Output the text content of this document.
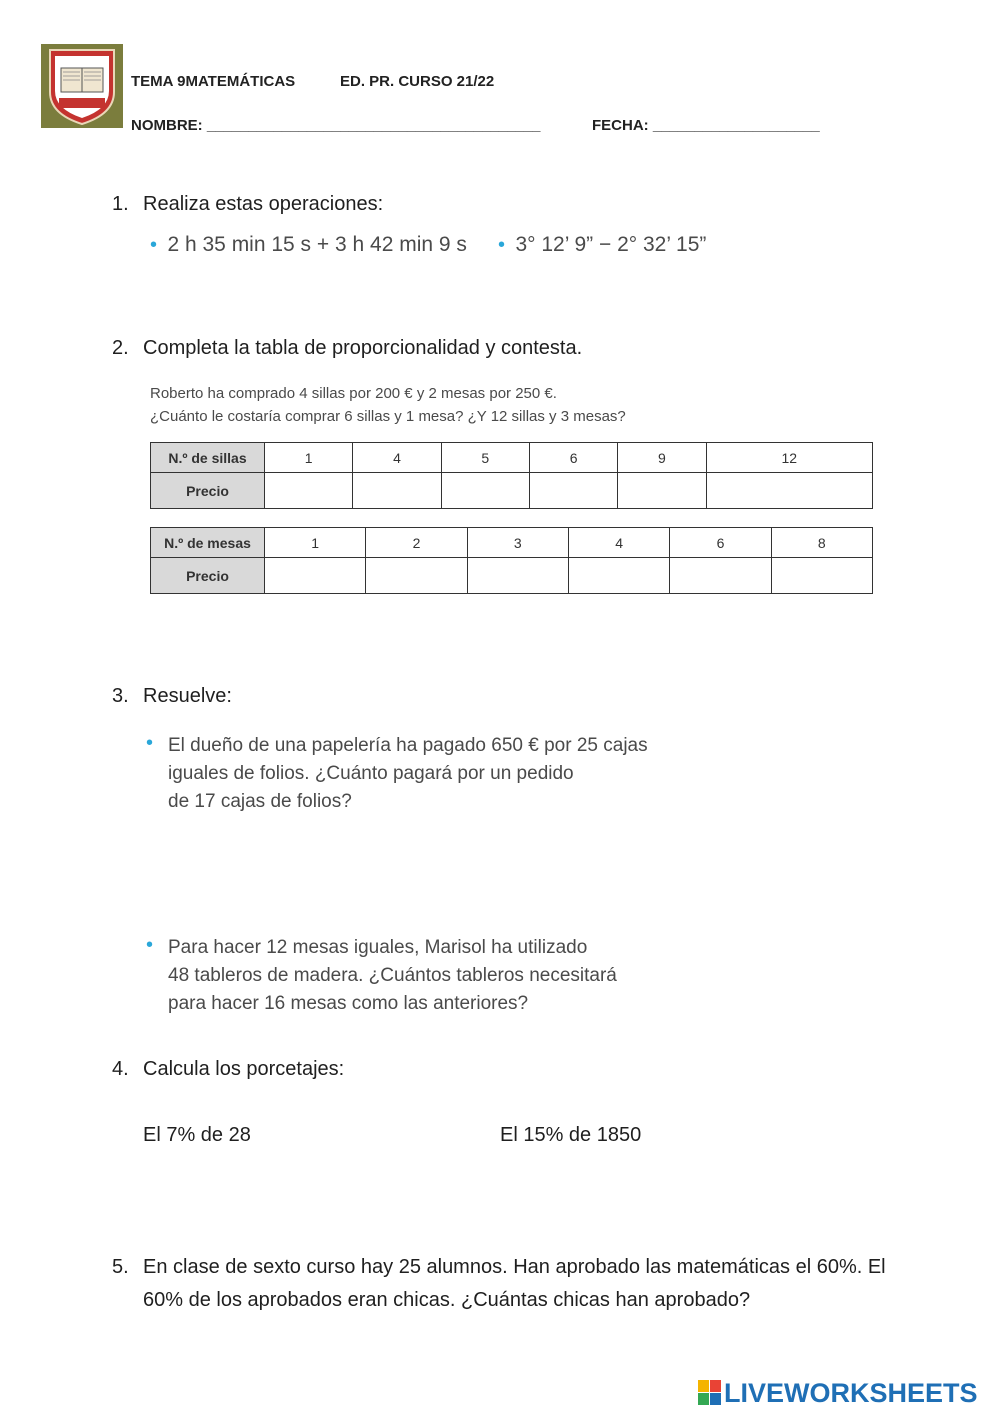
TEMA 9MATEMÁTICAS	ED. PR. CURSO 21/22
NOMBRE: ________________________________________	FECHA: ____________________
1. Realiza estas operaciones:
• 2 h 35 min 15 s + 3 h 42 min 9 s • 3° 12’ 9” − 2° 32’ 15”
2. Completa la tabla de proporcionalidad y contesta.
Roberto ha comprado 4 sillas por 200 € y 2 mesas por 250 €.
¿Cuánto le costaría comprar 6 sillas y 1 mesa? ¿Y 12 sillas y 3 mesas?
N.º de sillas	1	4	5	6	9	12
Precio						
N.º de mesas	1	2	3	4	6	8
Precio						
3. Resuelve:
• El dueño de una papelería ha pagado 650 € por 25 cajas
iguales de folios. ¿Cuánto pagará por un pedido
de 17 cajas de folios?
• Para hacer 12 mesas iguales, Marisol ha utilizado
48 tableros de madera. ¿Cuántos tableros necesitará
para hacer 16 mesas como las anteriores?
4. Calcula los porcetajes:
El 7% de 28	El 15% de 1850
5. En clase de sexto curso hay 25 alumnos. Han aprobado las matemáticas el 60%. El
60% de los aprobados eran chicas. ¿Cuántas chicas han aprobado?
LIVEWORKSHEETS
